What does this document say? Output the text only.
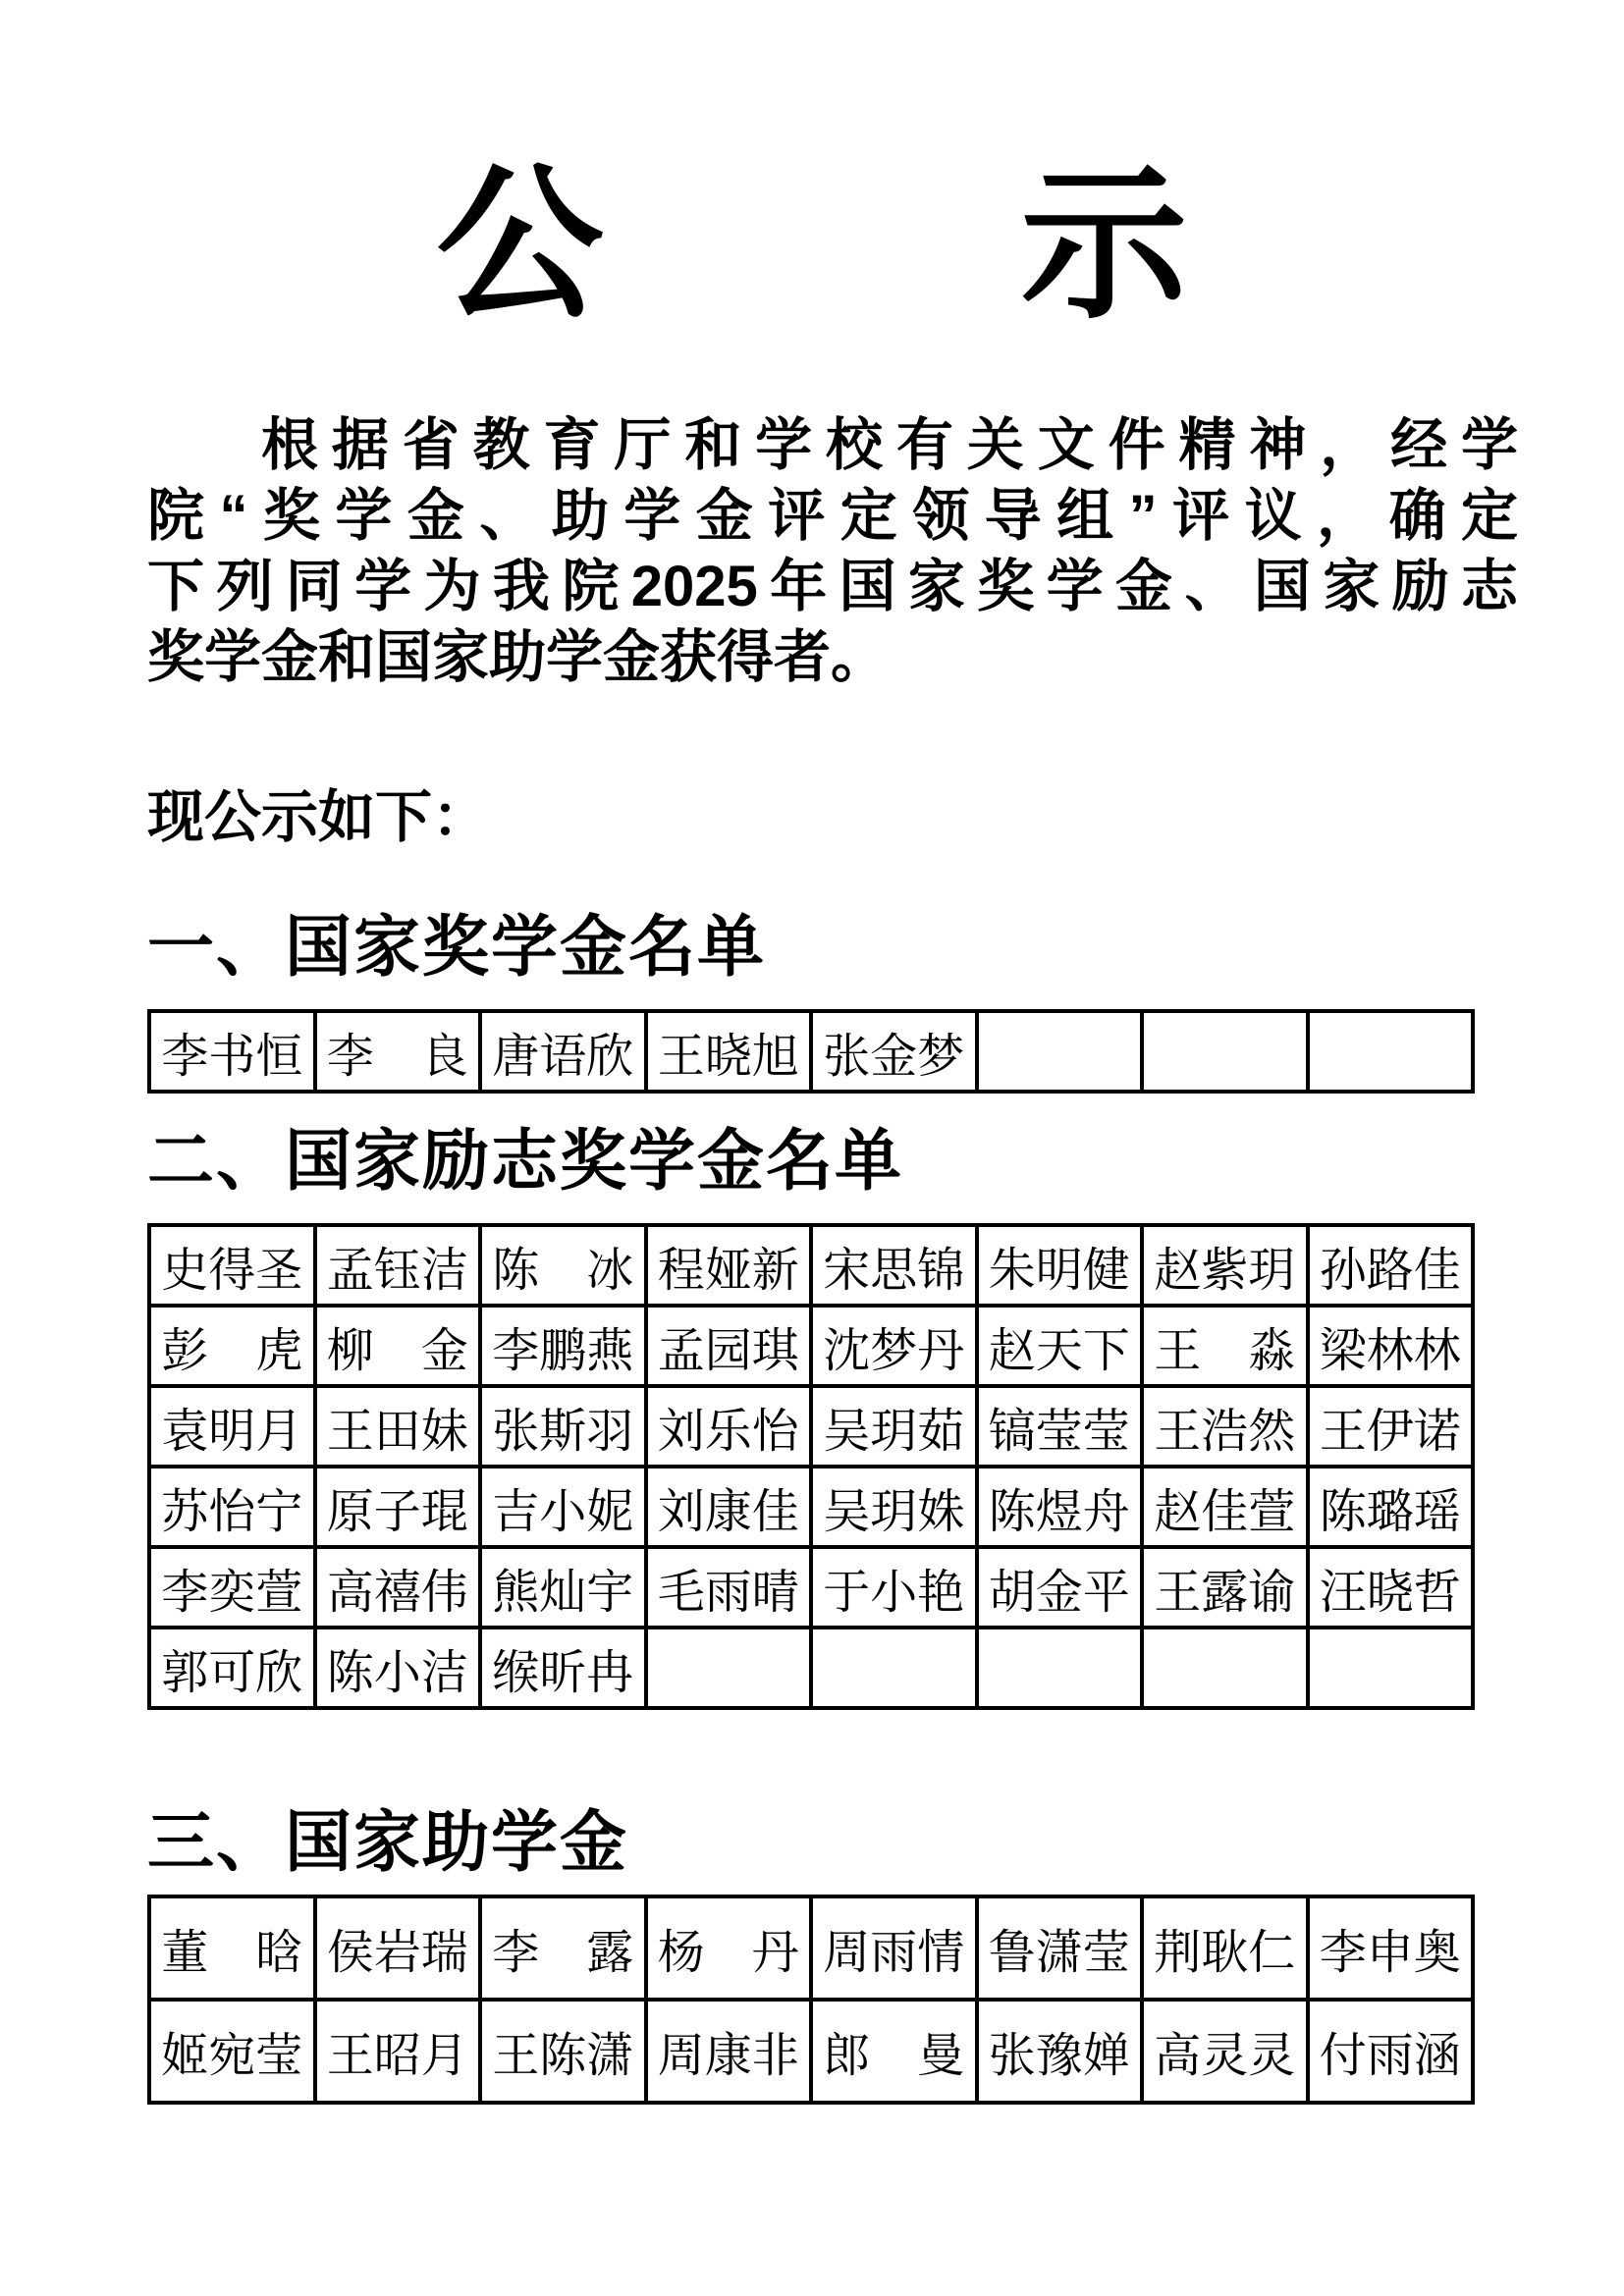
公	示
根据省教育厅和学校有关文件精神，经学
院“奖学金、助学金评定领导组”评议，确定
下列同学为我院2025年国家奖学金、国家励志
奖学金和国家助学金获得者。
现公示如下：
一、国家奖学金名单
李书恒	李　良	唐语欣	王晓旭	张金梦			
二、国家励志奖学金名单
史得圣	孟钰洁	陈　冰	程娅新	宋思锦	朱明健	赵紫玥	孙路佳
彭　虎	柳　金	李鹏燕	孟园琪	沈梦丹	赵天下	王　淼	梁林林
袁明月	王田妹	张斯羽	刘乐怡	吴玥茹	镐莹莹	王浩然	王伊诺
苏怡宁	原子琨	吉小妮	刘康佳	吴玥姝	陈煜舟	赵佳萱	陈璐瑶
李奕萱	高禧伟	熊灿宇	毛雨晴	于小艳	胡金平	王露谕	汪晓哲
郭可欣	陈小洁	缑昕冉					
三、国家助学金
董　晗	侯岩瑞	李　露	杨　丹	周雨情	鲁潇莹	荆耿仁	李申奥
姬宛莹	王昭月	王陈潇	周康非	郎　曼	张豫婵	高灵灵	付雨涵
